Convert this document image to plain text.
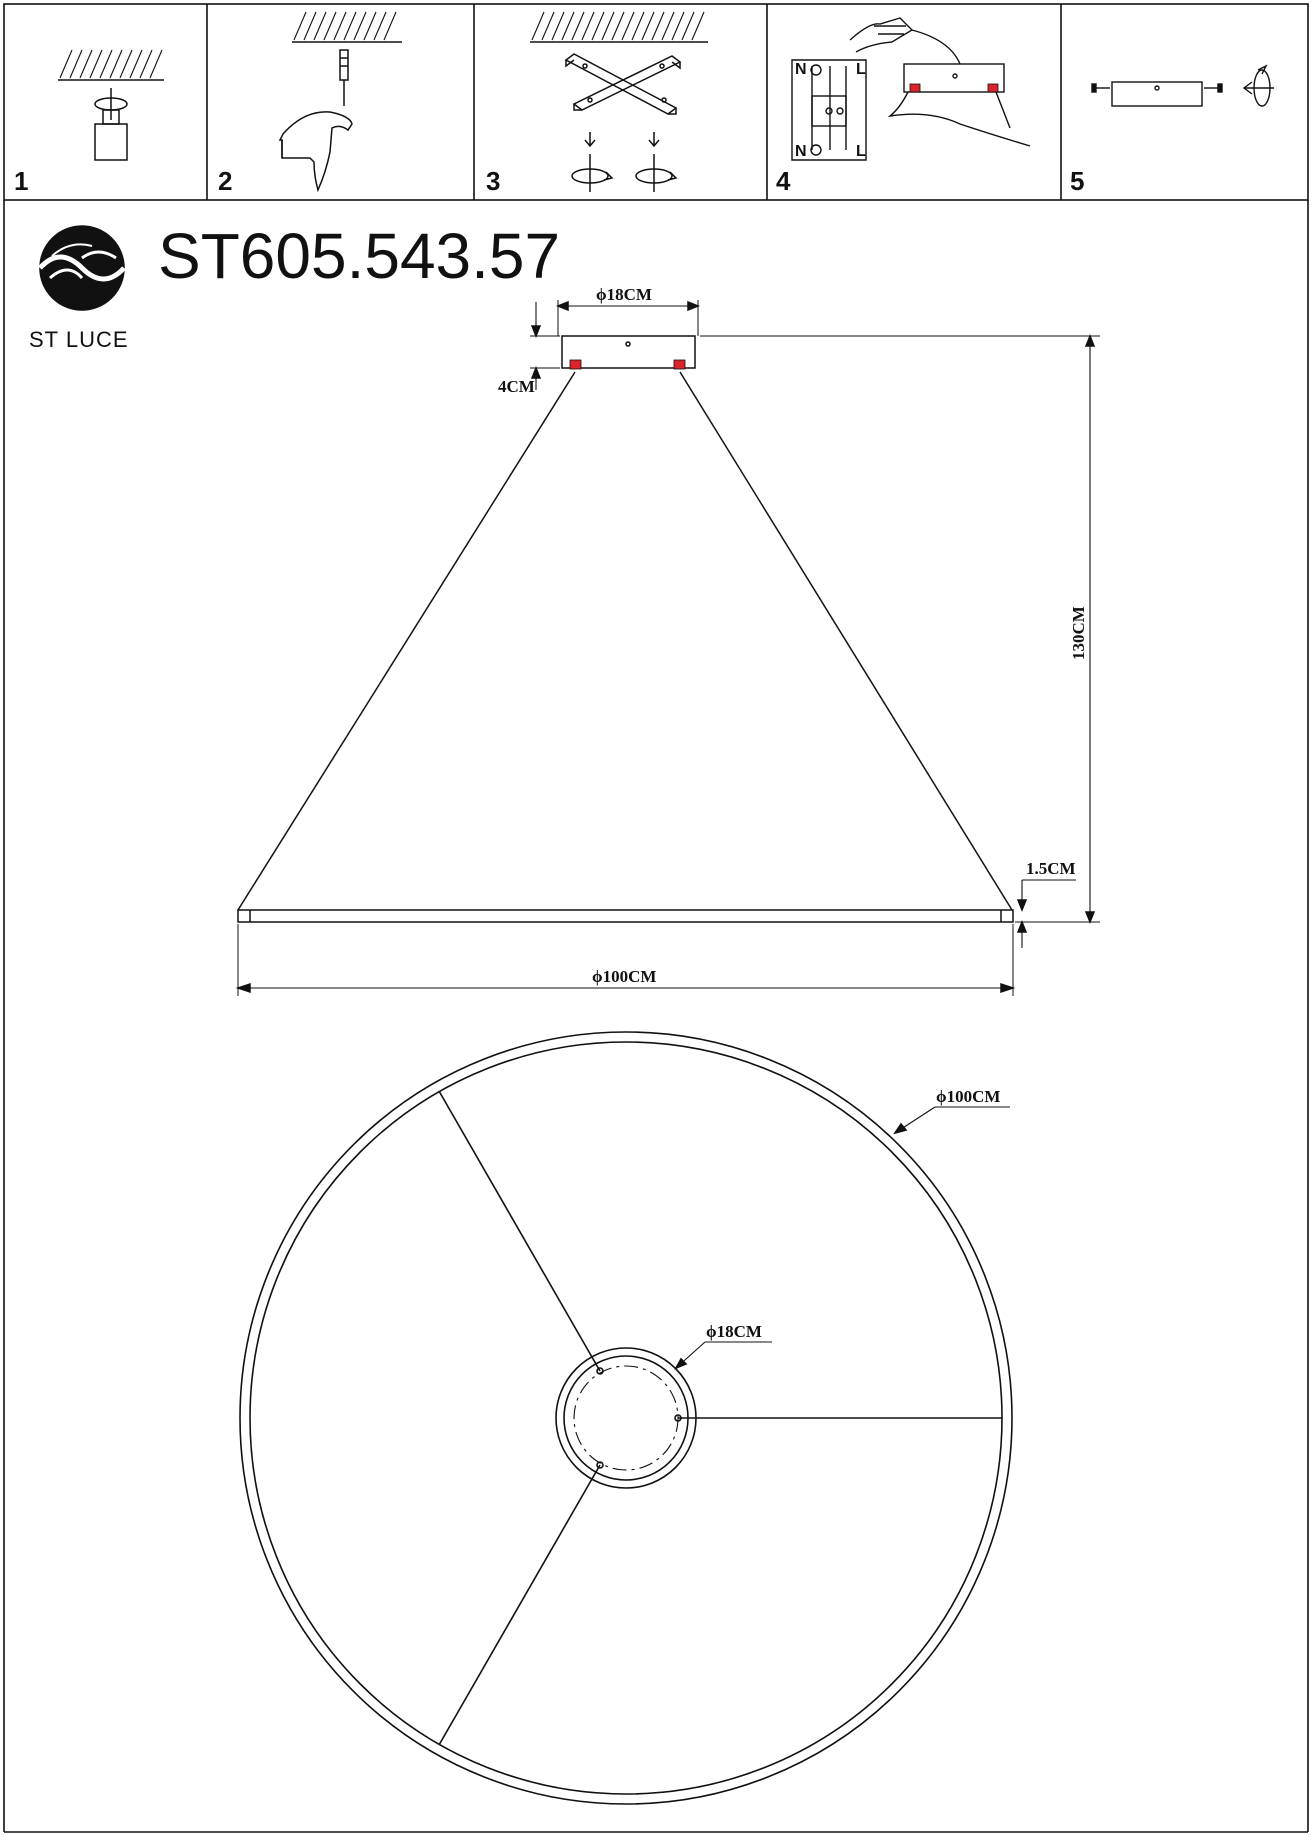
1	2	3
N	L
N	L
4	5
ST LUCE
ST605.543.57
ϕ18CM
4CM
130CM
1.5CM
ϕ100CM
ϕ100CM
ϕ18CM
